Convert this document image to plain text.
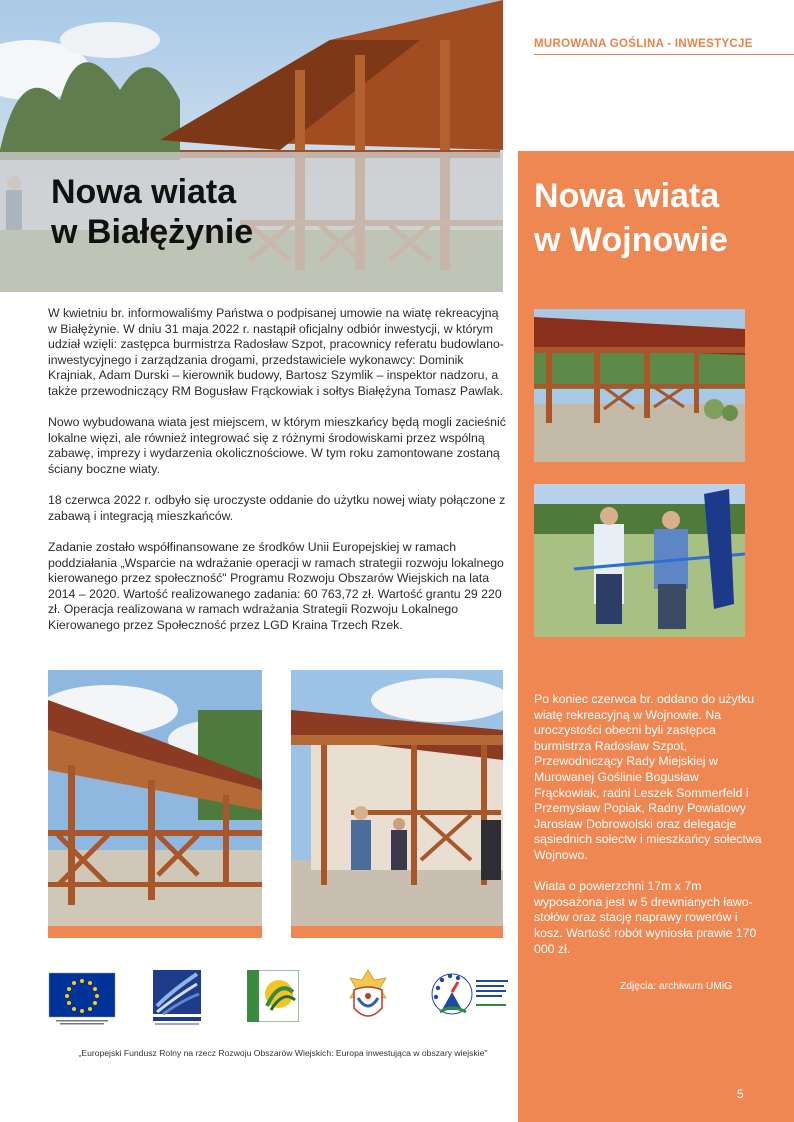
Nowa wiata
w Białężynie
MUROWANA GOŚLINA - INWESTYCJE

W kwietniu br. informowaliśmy Państwa o podpisanej umowie na wiatę rekreacyjną w Białężynie. W dniu 31 maja 2022 r. nastąpił oficjalny odbiór inwestycji, w którym udział wzięli: zastępca burmistrza Radosław Szpot, pracownicy referatu budowlano-inwestycyjnego i zarządzania drogami, przedstawiciele wykonawcy: Dominik Krajniak, Adam Durski – kierownik budowy, Bartosz Szymlik – inspektor nadzoru, a także przewodniczący RM Bogusław Frąckowiak i sołtys Białężyna Tomasz Pawlak.

Nowo wybudowana wiata jest miejscem, w którym mieszkańcy będą mogli zacieśnić lokalne więzi, ale również integrować się z różnymi środowiskami przez wspólną zabawę, imprezy i wydarzenia okolicznościowe. W tym roku zamontowane zostaną ściany boczne wiaty.

18 czerwca 2022 r. odbyło się uroczyste oddanie do użytku nowej wiaty połączone z zabawą i integracją mieszkańców.

Zadanie zostało współfinansowane ze środków Unii Europejskiej w ramach poddziałania „Wsparcie na wdrażanie operacji w ramach strategii rozwoju lokalnego kierowanego przez społeczność" Programu Rozwoju Obszarów Wiejskich na lata 2014 – 2020. Wartość realizowanego zadania: 60 763,72 zł. Wartość grantu 29 220 zł. Operacja realizowana w ramach wdrażania Strategii Rozwoju Lokalnego Kierowanego przez Społeczność przez LGD Kraina Trzech Rzek.

„Europejski Fundusz Rolny na rzecz Rozwoju Obszarów Wiejskich: Europa inwestująca w obszary wiejskie"
Nowa wiata
w Wojnowie

Po koniec czerwca br. oddano do użytku wiatę rekreacyjną w Wojnowie. Na uroczystości obecni byli zastępca burmistrza Radosław Szpot, Przewodniczący Rady Miejskiej w Murowanej Goślinie Bogusław Frąckowiak, radni Leszek Sommerfeld i Przemysław Popiak, Radny Powiatowy Jarosław Dobrowolski oraz delegacje sąsiednich sołectw i mieszkańcy sołectwa Wojnowo.

Wiata o powierzchni 17m x 7m wyposażona jest w 5 drewnianych ławo-stołów oraz stację naprawy rowerów i kosz. Wartość robót wyniosła prawie 170 000 zł.

Zdjęcia: archiwum UMiG
5
